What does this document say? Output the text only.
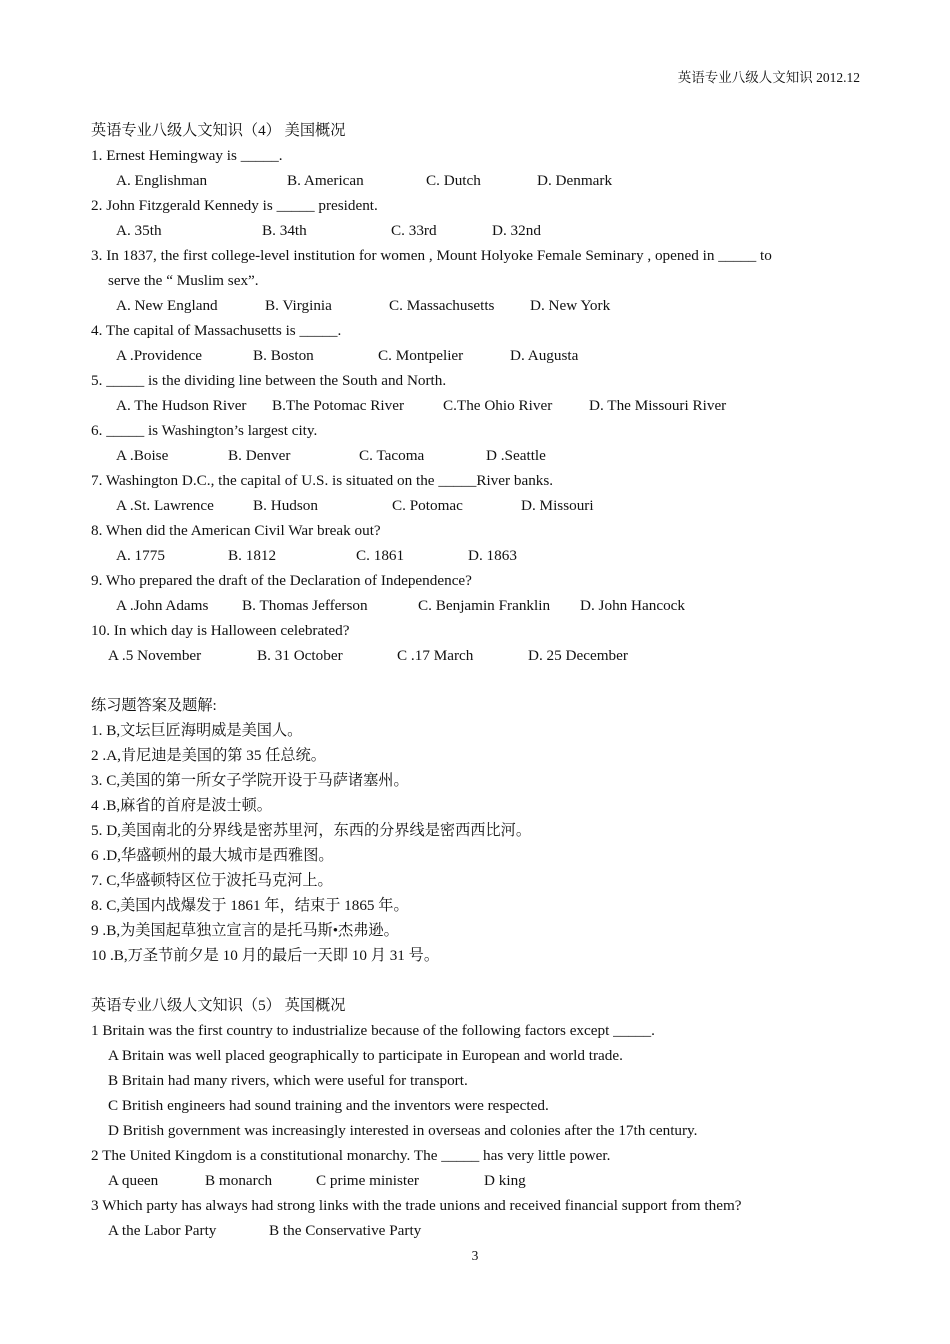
英语专业八级人文知识 2012.12
英语专业八级人文知识（4） 美国概况
1. Ernest Hemingway is _____.
A. Englishman	B. American	C. Dutch	D. Denmark
2. John Fitzgerald Kennedy is _____ president.
A. 35th	B. 34th	C. 33rd	D. 32nd
3. In 1837, the first college-level institution for women , Mount Holyoke Female Seminary , opened in _____ to
serve the “ Muslim sex”.
A. New England	B. Virginia	C. Massachusetts	D. New York
4. The capital of Massachusetts is _____.
A .Providence	B. Boston	C. Montpelier	D. Augusta
5. _____ is the dividing line between the South and North.
A. The Hudson River	B.The Potomac River	C.The Ohio River	D. The Missouri River
6. _____ is Washington’s largest city.
A .Boise	B. Denver	C. Tacoma	D .Seattle
7. Washington D.C., the capital of U.S. is situated on the _____River banks.
A .St. Lawrence	B. Hudson	C. Potomac	D. Missouri
8. When did the American Civil War break out?
A. 1775	B. 1812	C. 1861	D. 1863
9. Who prepared the draft of the Declaration of Independence?
A .John Adams	B. Thomas Jefferson	C. Benjamin Franklin	D. John Hancock
10. In which day is Halloween celebrated?
A .5 November	B. 31 October	C .17 March	D. 25 December
练习题答案及题解:
1. B,文坛巨匠海明威是美国人。
2 .A,肯尼迪是美国的第 35 任总统。
3. C,美国的第一所女子学院开设于马萨诸塞州。
4 .B,麻省的首府是波士顿。
5. D,美国南北的分界线是密苏里河，东西的分界线是密西西比河。
6 .D,华盛顿州的最大城市是西雅图。
7. C,华盛顿特区位于波托马克河上。
8. C,美国内战爆发于 1861 年，结束于 1865 年。
9 .B,为美国起草独立宣言的是托马斯•杰弗逊。
10 .B,万圣节前夕是 10 月的最后一天即 10 月 31 号。
英语专业八级人文知识（5） 英国概况
1 Britain was the first country to industrialize because of the following factors except _____.
A Britain was well placed geographically to participate in European and world trade.
B Britain had many rivers, which were useful for transport.
C British engineers had sound training and the inventors were respected.
D British government was increasingly interested in overseas and colonies after the 17th century.
2 The United Kingdom is a constitutional monarchy. The _____ has very little power.
A queen	B monarch	C prime minister	D king
3 Which party has always had strong links with the trade unions and received financial support from them?
A the Labor Party	B the Conservative Party
3
